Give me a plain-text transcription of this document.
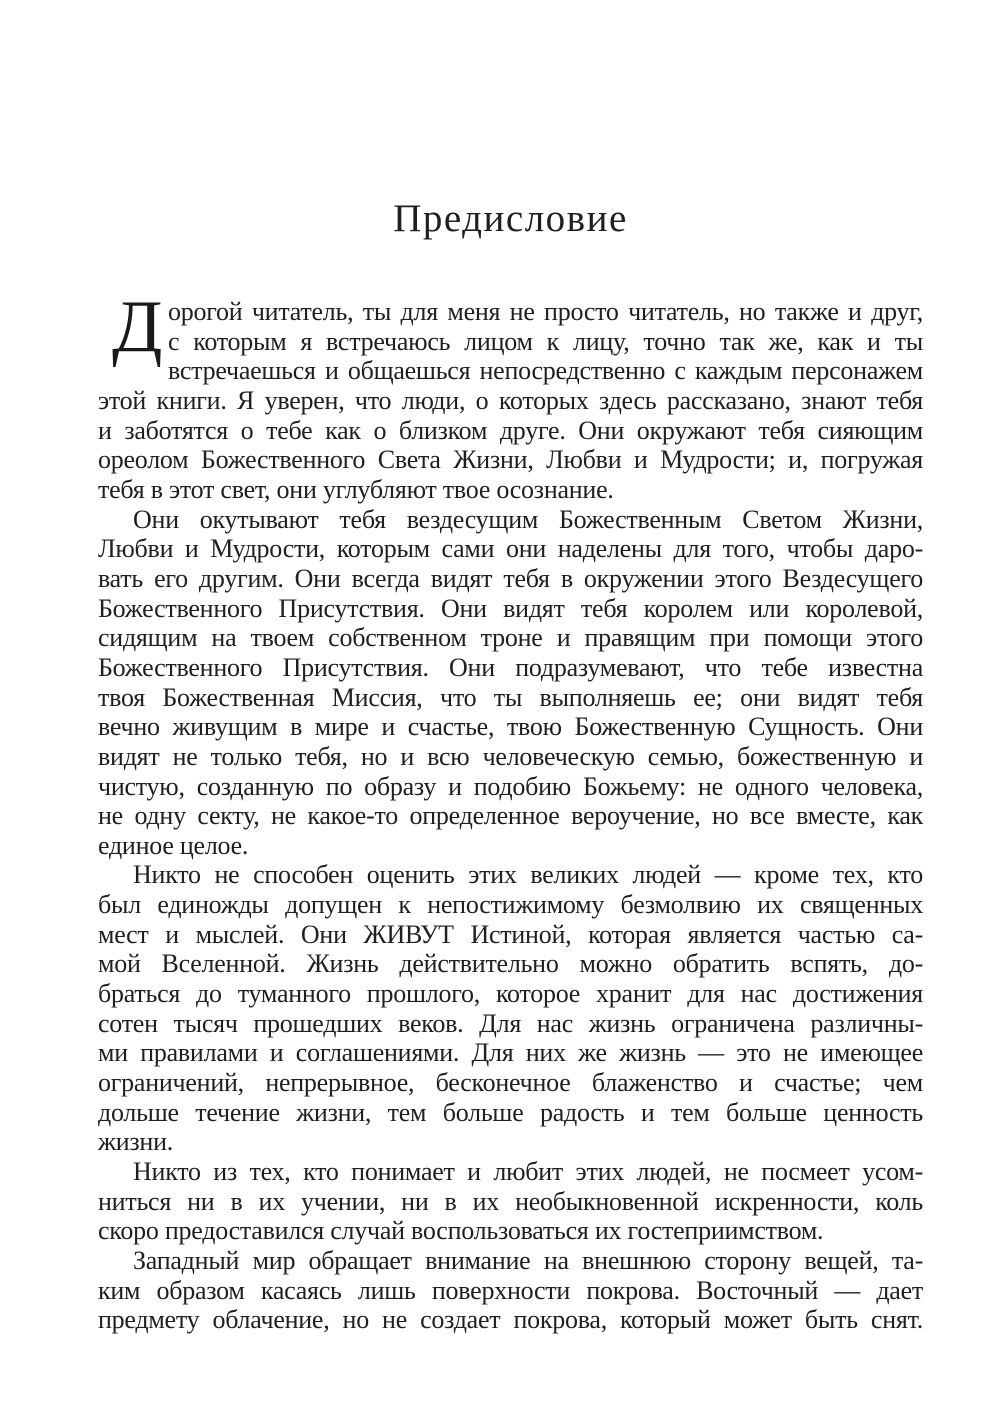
Предисловие
Д орогой читатель, ты для меня не просто читатель, но также и друг,
с которым я встречаюсь лицом к лицу, точно так же, как и ты
встречаешься и общаешься непосредственно с каждым персонажем
этой книги. Я уверен, что люди, о которых здесь рассказано, знают тебя
и заботятся о тебе как о близком друге. Они окружают тебя сияющим
ореолом Божественного Света Жизни, Любви и Мудрости; и, погружая
тебя в этот свет, они углубляют твое осознание.
Они окутывают тебя вездесущим Божественным Светом Жизни,
Любви и Мудрости, которым сами они наделены для того, чтобы даро-
вать его другим. Они всегда видят тебя в окружении этого Вездесущего
Божественного Присутствия. Они видят тебя королем или королевой,
сидящим на твоем собственном троне и правящим при помощи этого
Божественного Присутствия. Они подразумевают, что тебе известна
твоя Божественная Миссия, что ты выполняешь ее; они видят тебя
вечно живущим в мире и счастье, твою Божественную Сущность. Они
видят не только тебя, но и всю человеческую семью, божественную и
чистую, созданную по образу и подобию Божьему: не одного человека,
не одну секту, не какое-то определенное вероучение, но все вместе, как
единое целое.
Никто не способен оценить этих великих людей — кроме тех, кто
был единожды допущен к непостижимому безмолвию их священных
мест и мыслей. Они ЖИВУТ Истиной, которая является частью са-
мой Вселенной. Жизнь действительно можно обратить вспять, до-
браться до туманного прошлого, которое хранит для нас достижения
сотен тысяч прошедших веков. Для нас жизнь ограничена различны-
ми правилами и соглашениями. Для них же жизнь — это не имеющее
ограничений, непрерывное, бесконечное блаженство и счастье; чем
дольше течение жизни, тем больше радость и тем больше ценность
жизни.
Никто из тех, кто понимает и любит этих людей, не посмеет усом-
ниться ни в их учении, ни в их необыкновенной искренности, коль
скоро предоставился случай воспользоваться их гостеприимством.
Западный мир обращает внимание на внешнюю сторону вещей, та-
ким образом касаясь лишь поверхности покрова. Восточный — дает
предмету облачение, но не создает покрова, который может быть снят.
